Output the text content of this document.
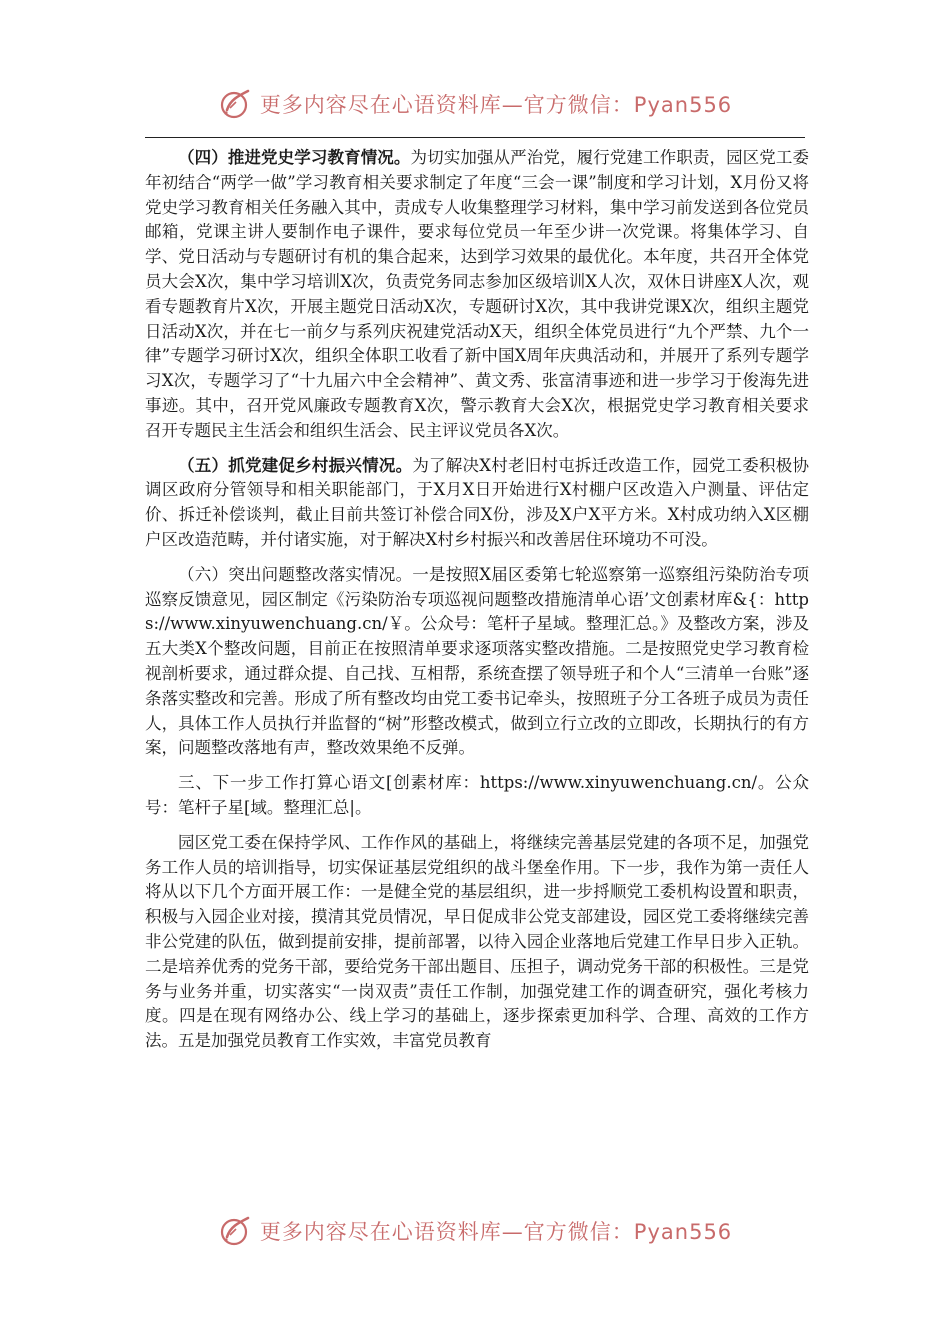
更多内容尽在心语资料库—官方微信：Pyan556

（四）推进党史学习教育情况。为切实加强从严治党，履行党建工作职责，园区党工委年初结合“两学一做”学习教育相关要求制定了年度“三会一课”制度和学习计划，X月份又将党史学习教育相关任务融入其中，责成专人收集整理学习材料，集中学习前发送到各位党员邮箱，党课主讲人要制作电子课件，要求每位党员一年至少讲一次党课。将集体学习、自学、党日活动与专题研讨有机的集合起来，达到学习效果的最优化。本年度，共召开全体党员大会X次，集中学习培训X次，负责党务同志参加区级培训X人次，双休日讲座X人次，观看专题教育片X次，开展主题党日活动X次，专题研讨X次，其中我讲党课X次，组织主题党日活动X次，并在七一前夕与系列庆祝建党活动X天，组织全体党员进行“九个严禁、九个一律”专题学习研讨X次，组织全体职工收看了新中国X周年庆典活动和，并展开了系列专题学习X次，专题学习了“十九届六中全会精神”、黄文秀、张富清事迹和进一步学习于俊海先进事迹。其中，召开党风廉政专题教育X次，警示教育大会X次，根据党史学习教育相关要求召开专题民主生活会和组织生活会、民主评议党员各X次。

（五）抓党建促乡村振兴情况。为了解决X村老旧村屯拆迁改造工作，园党工委积极协调区政府分管领导和相关职能部门，于X月X日开始进行X村棚户区改造入户测量、评估定价、拆迁补偿谈判，截止目前共签订补偿合同X份，涉及X户X平方米。X村成功纳入X区棚户区改造范畴，并付诸实施，对于解决X村乡村振兴和改善居住环境功不可没。

（六）突出问题整改落实情况。一是按照X届区委第七轮巡察第一巡察组污染防治专项巡察反馈意见，园区制定《污染防治专项巡视问题整改措施清单心语’文创素材库&{：https://www.xinyuwenchuang.cn/￥。公众号：笔杆子星域。整理汇总。》及整改方案，涉及五大类X个整改问题，目前正在按照清单要求逐项落实整改措施。二是按照党史学习教育检视剖析要求，通过群众提、自己找、互相帮，系统查摆了领导班子和个人“三清单一台账”逐条落实整改和完善。形成了所有整改均由党工委书记牵头，按照班子分工各班子成员为责任人，具体工作人员执行并监督的“树”形整改模式，做到立行立改的立即改，长期执行的有方案，问题整改落地有声，整改效果绝不反弹。

三、下一步工作打算心语文[创素材库：https://www.xinyuwenchuang.cn/。公众号：笔杆子星[域。整理汇总|。

园区党工委在保持学风、工作作风的基础上，将继续完善基层党建的各项不足，加强党务工作人员的培训指导，切实保证基层党组织的战斗堡垒作用。下一步，我作为第一责任人将从以下几个方面开展工作：一是健全党的基层组织，进一步捋顺党工委机构设置和职责，积极与入园企业对接，摸清其党员情况，早日促成非公党支部建设，园区党工委将继续完善非公党建的队伍，做到提前安排，提前部署，以待入园企业落地后党建工作早日步入正轨。二是培养优秀的党务干部，要给党务干部出题目、压担子，调动党务干部的积极性。三是党务与业务并重，切实落实“一岗双责”责任工作制，加强党建工作的调查研究，强化考核力度。四是在现有网络办公、线上学习的基础上，逐步探索更加科学、合理、高效的工作方法。五是加强党员教育工作实效，丰富党员教育

更多内容尽在心语资料库—官方微信：Pyan556
